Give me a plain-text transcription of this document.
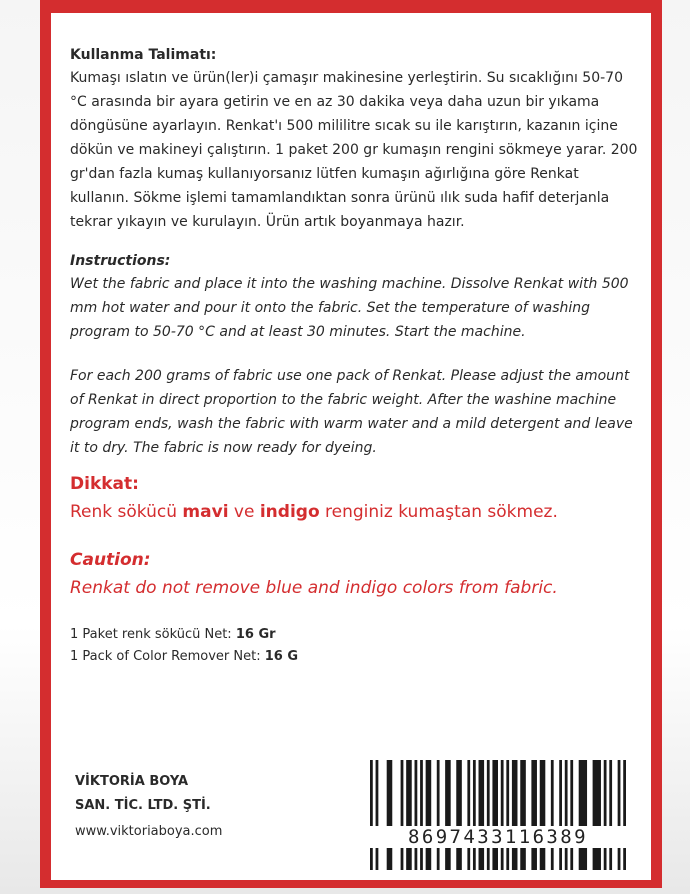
Kullanma Talimatı:

Kumaşı ıslatın ve ürün(ler)i çamaşır makinesine yerleştirin. Su sıcaklığını 50-70 °C arasında bir ayara getirin ve en az 30 dakika veya daha uzun bir yıkama döngüsüne ayarlayın. Renkat'ı 500 mililitre sıcak su ile karıştırın, kazanın içine dökün ve makineyi çalıştırın. 1 paket 200 gr kumaşın rengini sökmeye yarar. 200 gr'dan fazla kumaş kullanıyorsanız lütfen kumaşın ağırlığına göre Renkat kullanın. Sökme işlemi tamamlandıktan sonra ürünü ılık suda hafif deterjanla tekrar yıkayın ve kurulayın. Ürün artık boyanmaya hazır.

Instructions:

Wet the fabric and place it into the washing machine. Dissolve Renkat with 500 mm hot water and pour it onto the fabric. Set the temperature of washing program to 50-70 °C and at least 30 minutes. Start the machine.

For each 200 grams of fabric use one pack of Renkat. Please adjust the amount of Renkat in direct proportion to the fabric weight. After the washine machine program ends, wash the fabric with warm water and a mild detergent and leave it to dry. The fabric is now ready for dyeing.

Dikkat:

Renk sökücü mavi ve indigo renginiz kumaştan sökmez.

Caution:

Renkat do not remove blue and indigo colors from fabric.

1 Paket renk sökücü Net: 16 Gr

1 Pack of Color Remover Net: 16 G

VİKTORİA BOYA
SAN. TİC. LTD. ŞTİ.
www.viktoriaboya.com	8697433116389
